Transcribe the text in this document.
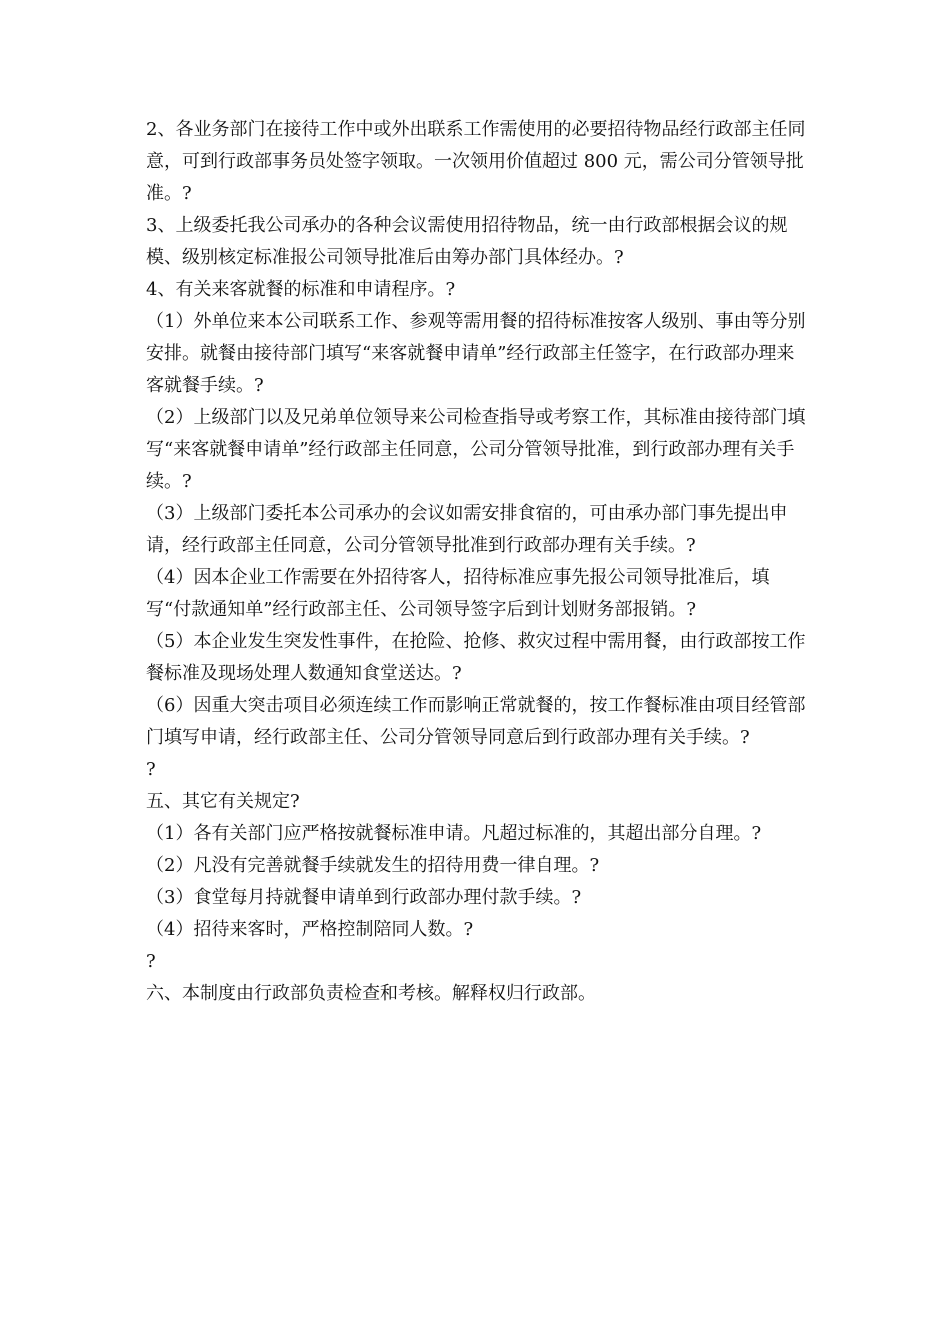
2、各业务部门在接待工作中或外出联系工作需使用的必要招待物品经行政部主任同意，可到行政部事务员处签字领取。一次领用价值超过 800 元，需公司分管领导批准。?

3、上级委托我公司承办的各种会议需使用招待物品，统一由行政部根据会议的规模、级别核定标准报公司领导批准后由筹办部门具体经办。?

4、有关来客就餐的标准和申请程序。?

（1）外单位来本公司联系工作、参观等需用餐的招待标准按客人级别、事由等分别安排。就餐由接待部门填写“来客就餐申请单”经行政部主任签字，在行政部办理来客就餐手续。?

（2）上级部门以及兄弟单位领导来公司检查指导或考察工作，其标准由接待部门填写“来客就餐申请单”经行政部主任同意，公司分管领导批准，到行政部办理有关手续。?

（3）上级部门委托本公司承办的会议如需安排食宿的，可由承办部门事先提出申请，经行政部主任同意，公司分管领导批准到行政部办理有关手续。?

（4）因本企业工作需要在外招待客人，招待标准应事先报公司领导批准后，填写“付款通知单”经行政部主任、公司领导签字后到计划财务部报销。?

（5）本企业发生突发性事件，在抢险、抢修、救灾过程中需用餐，由行政部按工作餐标准及现场处理人数通知食堂送达。?

（6）因重大突击项目必须连续工作而影响正常就餐的，按工作餐标准由项目经管部门填写申请，经行政部主任、公司分管领导同意后到行政部办理有关手续。?

?

五、其它有关规定?

（1）各有关部门应严格按就餐标准申请。凡超过标准的，其超出部分自理。?

（2）凡没有完善就餐手续就发生的招待用费一律自理。?

（3）食堂每月持就餐申请单到行政部办理付款手续。?

（4）招待来客时，严格控制陪同人数。?

?

六、本制度由行政部负责检查和考核。解释权归行政部。
